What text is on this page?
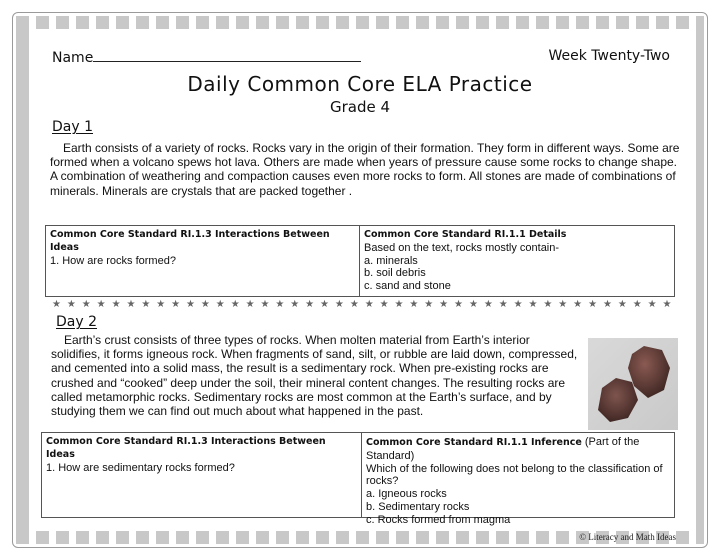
Name	Week Twenty-Two
Daily Common Core ELA Practice
Grade 4
Day 1

Earth consists of a variety of rocks. Rocks vary in the origin of their formation. They form in different ways. Some are formed when a volcano spews hot lava. Others are made when years of pressure cause some rocks to change shape. A combination of weathering and compaction causes even more rocks to form. All stones are made of combinations of minerals. Minerals are crystals that are packed together .

Common Core Standard RI.1.3 Interactions Between Ideas
1. How are rocks formed?
Common Core Standard RI.1.1 Details
Based on the text, rocks mostly contain-
a. minerals
b. soil debris
c. sand and stone
★ ★ ★ ★ ★ ★ ★ ★ ★ ★ ★ ★ ★ ★ ★ ★ ★ ★ ★ ★ ★ ★ ★ ★ ★ ★ ★ ★ ★ ★ ★ ★ ★ ★ ★ ★ ★ ★ ★ ★ ★ ★
Day 2

Earth’s crust consists of three types of rocks. When molten material from Earth’s interior solidifies, it forms igneous rock. When fragments of sand, silt, or rubble are laid down, compressed, and cemented into a solid mass, the result is a sedimentary rock. When pre-existing rocks are crushed and “cooked” deep under the soil, their mineral content changes. The resulting rocks are called metamorphic rocks. Sedimentary rocks are most common at the Earth’s surface, and by studying them we can find out much about what happened in the past.

Common Core Standard RI.1.3 Interactions Between Ideas
1. How are sedimentary rocks formed?
Common Core Standard RI.1.1 Inference (Part of the Standard)
Which of the following does not belong to the classification of rocks?
a. Igneous rocks
b. Sedimentary rocks
c. Rocks formed from magma
© Literacy and Math Ideas
